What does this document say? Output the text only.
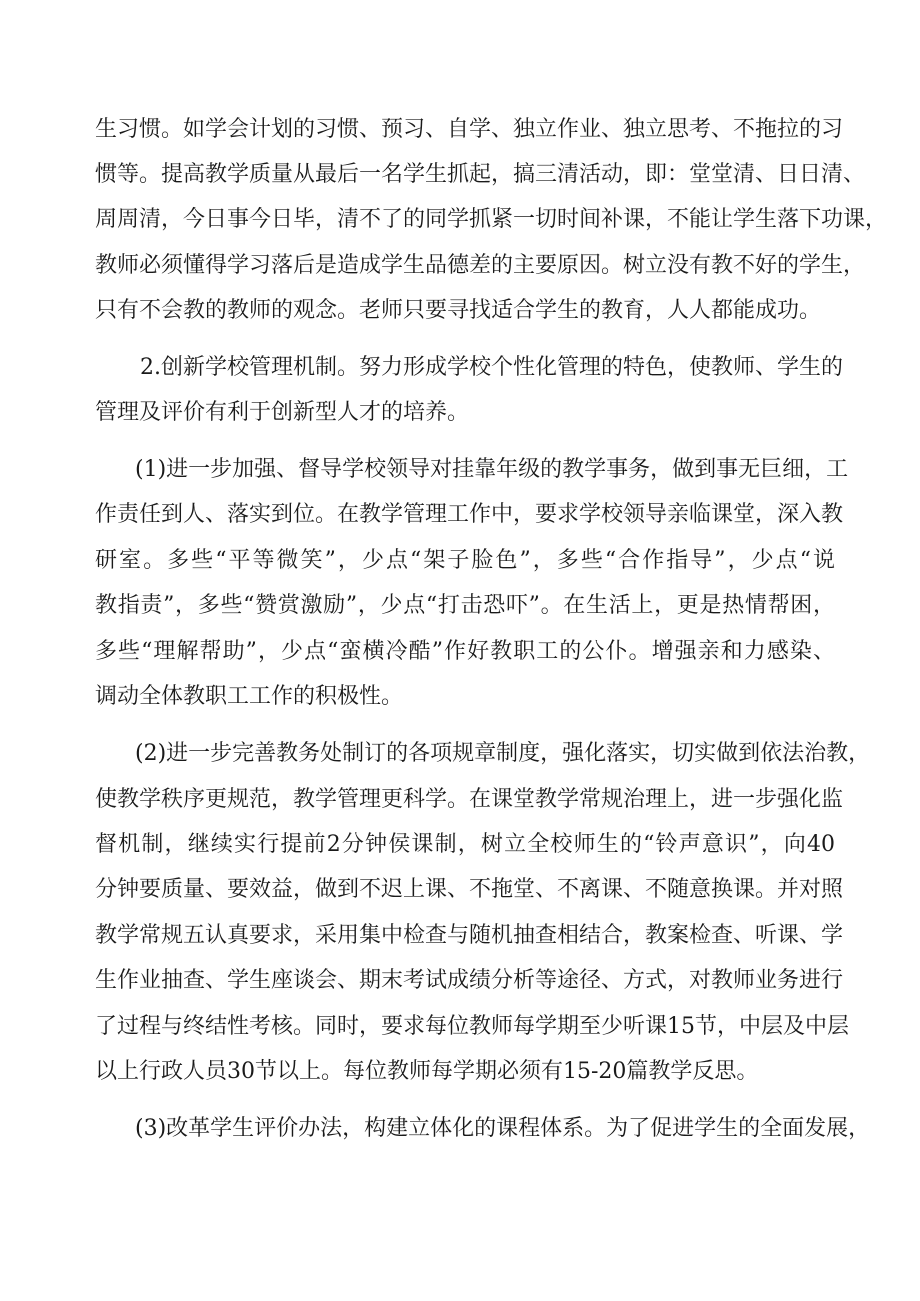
生习惯。如学会计划的习惯、预习、自学、独立作业、独立思考、不拖拉的习
惯等。提高教学质量从最后一名学生抓起，搞三清活动，即：堂堂清、日日清、
周周清，今日事今日毕，清不了的同学抓紧一切时间补课，不能让学生落下功课，
教师必须懂得学习落后是造成学生品德差的主要原因。树立没有教不好的学生，
只有不会教的教师的观念。老师只要寻找适合学生的教育，人人都能成功。
2.创新学校管理机制。努力形成学校个性化管理的特色，使教师、学生的
管理及评价有利于创新型人才的培养。
(1)进一步加强、督导学校领导对挂靠年级的教学事务，做到事无巨细，工
作责任到人、落实到位。在教学管理工作中，要求学校领导亲临课堂，深入教
研室。多些“平等微笑”，少点“架子脸色”，多些“合作指导”，少点“说
教指责”，多些“赞赏激励”，少点“打击恐吓”。在生活上，更是热情帮困，
多些“理解帮助”，少点“蛮横冷酷”作好教职工的公仆。增强亲和力感染、
调动全体教职工工作的积极性。
(2)进一步完善教务处制订的各项规章制度，强化落实，切实做到依法治教，
使教学秩序更规范，教学管理更科学。在课堂教学常规治理上，进一步强化监
督机制，继续实行提前2分钟侯课制，树立全校师生的“铃声意识”，向40
分钟要质量、要效益，做到不迟上课、不拖堂、不离课、不随意换课。并对照
教学常规五认真要求，采用集中检查与随机抽查相结合，教案检查、听课、学
生作业抽查、学生座谈会、期末考试成绩分析等途径、方式，对教师业务进行
了过程与终结性考核。同时，要求每位教师每学期至少听课15节，中层及中层
以上行政人员30节以上。每位教师每学期必须有15-20篇教学反思。
(3)改革学生评价办法，构建立体化的课程体系。为了促进学生的全面发展，
